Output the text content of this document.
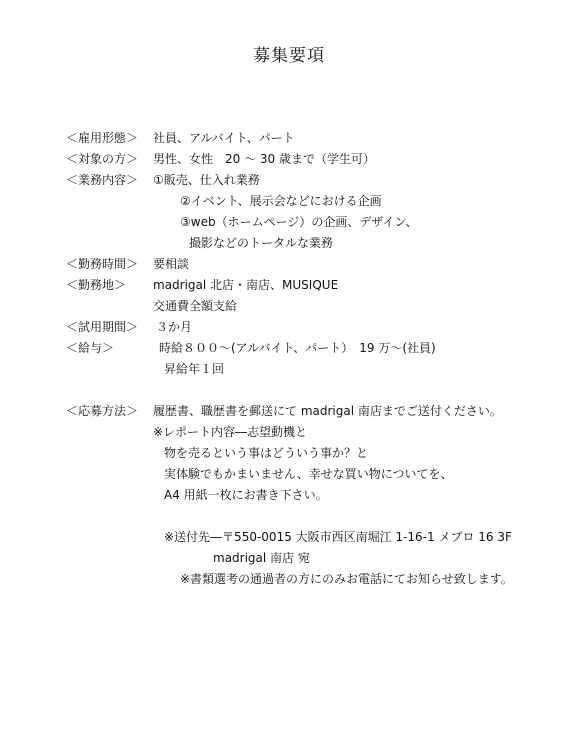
募集要項
＜雇用形態＞ 社員、アルバイト、パート
＜対象の方＞ 男性、女性　20 ～ 30 歳まで（学生可）
＜業務内容＞ ①販売、仕入れ業務
②イベント、展示会などにおける企画
③web（ホームページ）の企画、デザイン、
撮影などのトータルな業務
＜勤務時間＞ 要相談
＜勤務地＞ madrigal 北店・南店、MUSIQUE
交通費全額支給
＜試用期間＞ ３か月
＜給与＞	時給８００～(アルバイト、パート）　19 万～(社員)
昇給年１回
＜応募方法＞ 履歴書、職歴書を郵送にて madrigal 南店までご送付ください。
※レポート内容―志望動機と
物を売るという事はどういう事か？と
実体験でもかまいません、幸せな買い物についてを、
A4 用紙一枚にお書き下さい。
※送付先―〒550-0015 大阪市西区南堀江 1-16-1 メブロ 16 3F
madrigal 南店 宛
※書類選考の通過者の方にのみお電話にてお知らせ致します。
